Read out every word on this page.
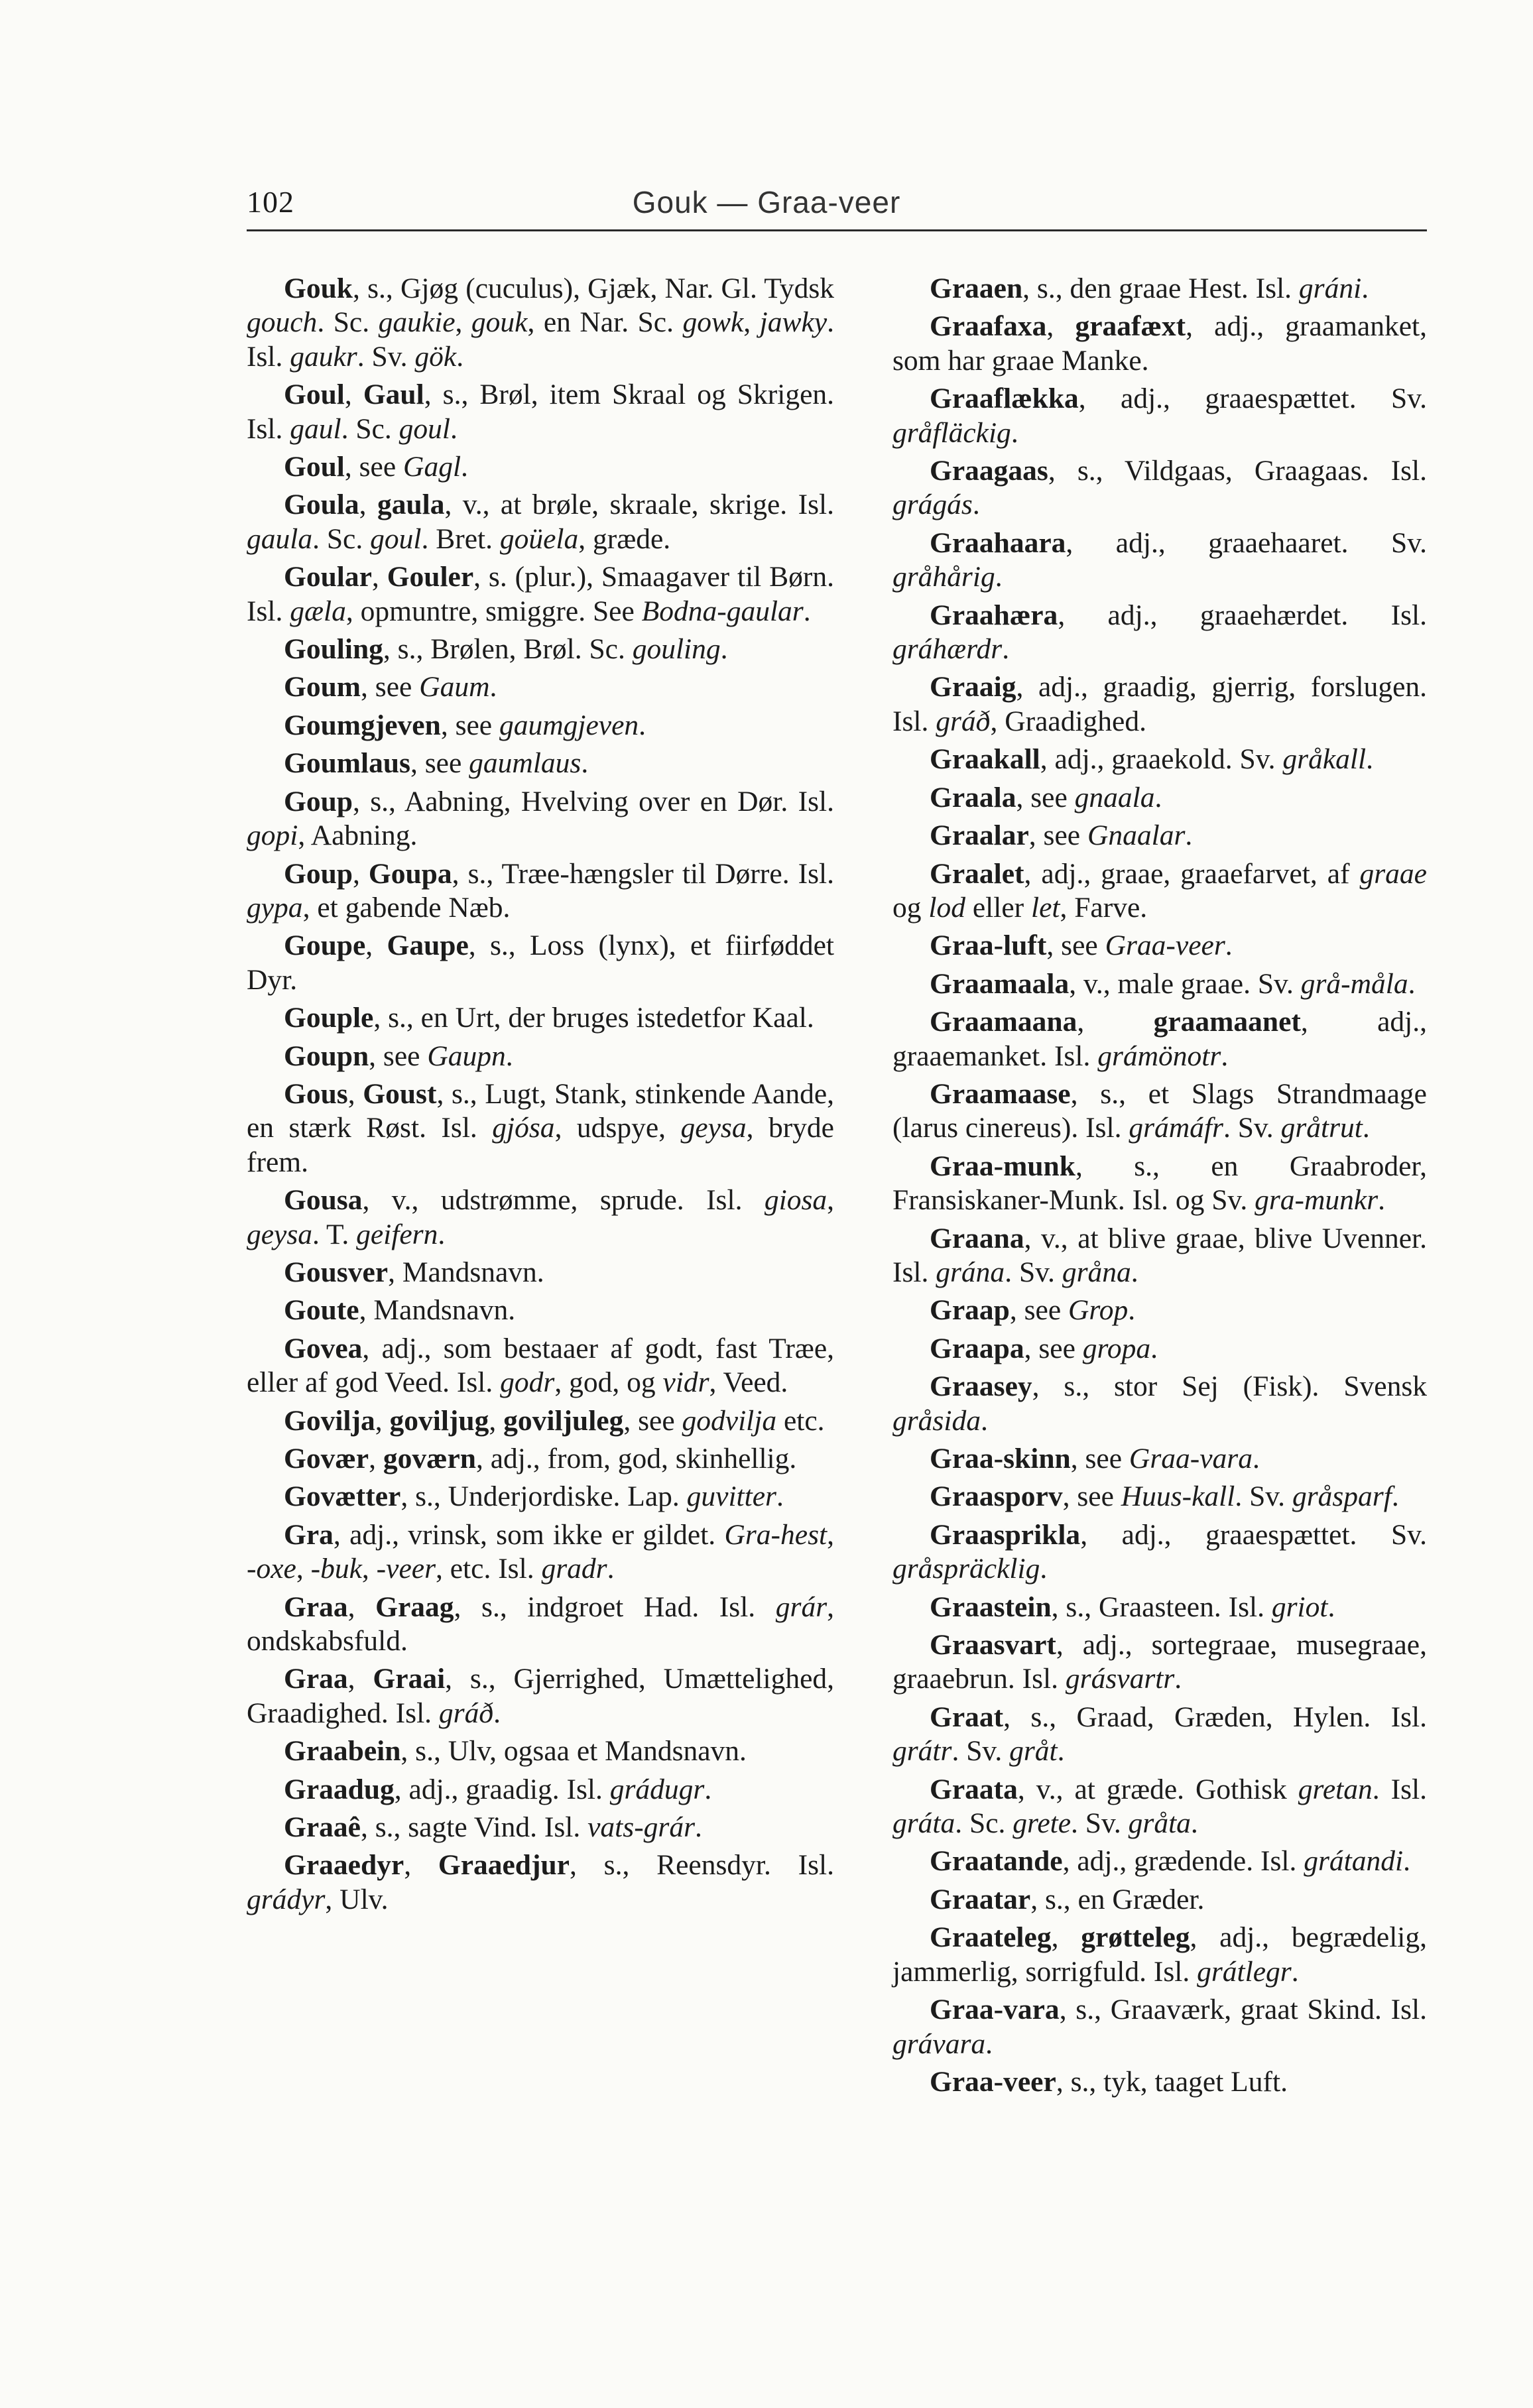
102	Gouk — Graa-veer

Gouk, s., Gjøg (cuculus), Gjæk, Nar. Gl. Tydsk gouch. Sc. gaukie, gouk, en Nar. Sc. gowk, jawky. Isl. gaukr. Sv. gök.

Goul, Gaul, s., Brøl, item Skraal og Skrigen. Isl. gaul. Sc. goul.

Goul, see Gagl.

Goula, gaula, v., at brøle, skraale, skrige. Isl. gaula. Sc. goul. Bret. goüela, græde.

Goular, Gouler, s. (plur.), Smaagaver til Børn. Isl. gæla, opmuntre, smiggre. See Bodna-gaular.

Gouling, s., Brølen, Brøl. Sc. gouling.

Goum, see Gaum.

Goumgjeven, see gaumgjeven.

Goumlaus, see gaumlaus.

Goup, s., Aabning, Hvelving over en Dør. Isl. gopi, Aabning.

Goup, Goupa, s., Træe-hængsler til Dørre. Isl. gypa, et gabende Næb.

Goupe, Gaupe, s., Loss (lynx), et fiirføddet Dyr.

Gouple, s., en Urt, der bruges istedetfor Kaal.

Goupn, see Gaupn.

Gous, Goust, s., Lugt, Stank, stinkende Aande, en stærk Røst. Isl. gjósa, udspye, geysa, bryde frem.

Gousa, v., udstrømme, sprude. Isl. giosa, geysa. T. geifern.

Gousver, Mandsnavn.

Goute, Mandsnavn.

Govea, adj., som bestaaer af godt, fast Træe, eller af god Veed. Isl. godr, god, og vidr, Veed.

Govilja, goviljug, goviljuleg, see godvilja etc.

Govær, goværn, adj., from, god, skinhellig.

Govætter, s., Underjordiske. Lap. guvitter.

Gra, adj., vrinsk, som ikke er gildet. Gra-hest, -oxe, -buk, -veer, etc. Isl. gradr.

Graa, Graag, s., indgroet Had. Isl. grár, ondskabsfuld.

Graa, Graai, s., Gjerrighed, Umættelighed, Graadighed. Isl. gráð.

Graabein, s., Ulv, ogsaa et Mandsnavn.

Graadug, adj., graadig. Isl. grádugr.

Graaê, s., sagte Vind. Isl. vats-grár.

Graaedyr, Graaedjur, s., Reensdyr. Isl. grádyr, Ulv.

Graaen, s., den graae Hest. Isl. gráni.

Graafaxa, graafæxt, adj., graamanket, som har graae Manke.

Graaflækka, adj., graaespættet. Sv. gråfläckig.

Graagaas, s., Vildgaas, Graagaas. Isl. grágás.

Graahaara, adj., graaehaaret. Sv. gråhårig.

Graahæra, adj., graaehærdet. Isl. gráhærdr.

Graaig, adj., graadig, gjerrig, forslugen. Isl. gráð, Graadighed.

Graakall, adj., graaekold. Sv. gråkall.

Graala, see gnaala.

Graalar, see Gnaalar.

Graalet, adj., graae, graaefarvet, af graae og lod eller let, Farve.

Graa-luft, see Graa-veer.

Graamaala, v., male graae. Sv. grå-måla.

Graamaana, graamaanet, adj., graaemanket. Isl. grámönotr.

Graamaase, s., et Slags Strandmaage (larus cinereus). Isl. grámáfr. Sv. gråtrut.

Graa-munk, s., en Graabroder, Fransiskaner-Munk. Isl. og Sv. gra-munkr.

Graana, v., at blive graae, blive Uvenner. Isl. grána. Sv. gråna.

Graap, see Grop.

Graapa, see gropa.

Graasey, s., stor Sej (Fisk). Svensk gråsida.

Graa-skinn, see Graa-vara.

Graasporv, see Huus-kall. Sv. gråsparf.

Graasprikla, adj., graaespættet. Sv. gråspräcklig.

Graastein, s., Graasteen. Isl. griot.

Graasvart, adj., sortegraae, musegraae, graaebrun. Isl. grásvartr.

Graat, s., Graad, Græden, Hylen. Isl. grátr. Sv. gråt.

Graata, v., at græde. Gothisk gretan. Isl. gráta. Sc. grete. Sv. gråta.

Graatande, adj., grædende. Isl. grátandi.

Graatar, s., en Græder.

Graateleg, grøtteleg, adj., begrædelig, jammerlig, sorrigfuld. Isl. grátlegr.

Graa-vara, s., Graaværk, graat Skind. Isl. grávara.

Graa-veer, s., tyk, taaget Luft.
